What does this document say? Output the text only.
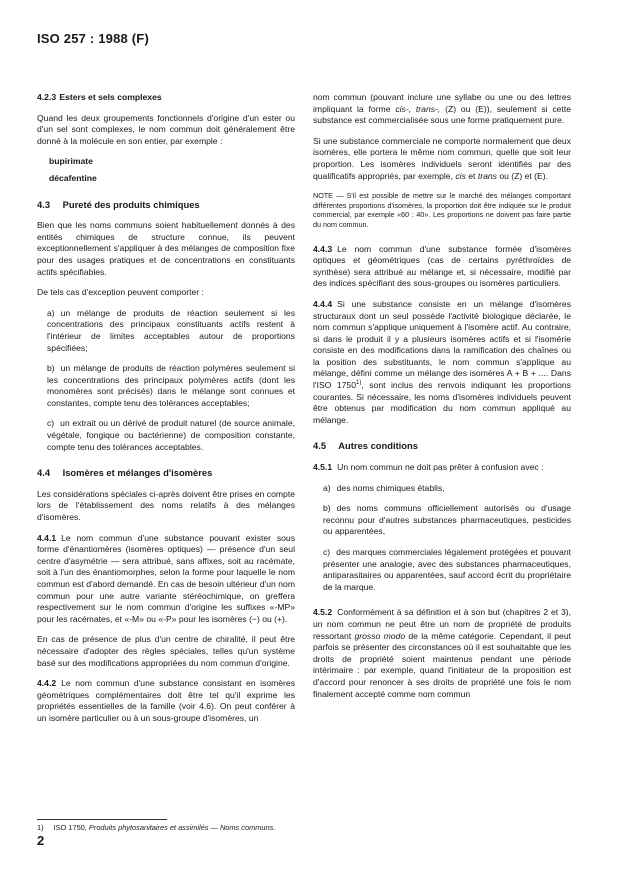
ISO 257 : 1988 (F)
4.2.3 Esters et sels complexes

Quand les deux groupements fonctionnels d'origine d'un ester ou d'un sel sont complexes, le nom commun doit généralement être donné à la molécule en son entier, par exemple :

bupirimate
décafentine
4.3 Pureté des produits chimiques

Bien que les noms communs soient habituellement donnés à des entités chimiques de structure connue, ils peuvent exceptionnellement s'appliquer à des mélanges de composition fixe pour des usages pratiques et de concentrations en constituants actifs spécifiables.

De tels cas d'exception peuvent comporter :

a) un mélange de produits de réaction seulement si les concentrations des principaux constituants actifs restent à l'intérieur de limites acceptables autour de proportions spécifiées;
b) un mélange de produits de réaction polymères seulement si les concentrations des principaux polymères actifs (dont les monomères sont précisés) dans le mélange sont connues et constantes, compte tenu des tolérances acceptables;
c) un extrait ou un dérivé de produit naturel (de source animale, végétale, fongique ou bactérienne) de composition constante, compte tenu des tolérances acceptables.
4.4 Isomères et mélanges d'isomères

Les considérations spéciales ci-après doivent être prises en compte lors de l'établissement des noms relatifs à des mélanges d'isomères.

4.4.1 Le nom commun d'une substance pouvant exister sous forme d'énantiomères (isomères optiques) — présence d'un seul centre d'asymétrie — sera attribué, sans affixes, soit au racémate, soit à l'un des énantiomorphes, selon la forme pour laquelle le nom commun est d'abord demandé. En cas de besoin ultérieur d'un nom commun pour une autre variante stéréochimique, on greffera respectivement sur le nom commun d'origine les suffixes «-MP» pour les racémates, et «-M» ou «-P» pour les isomères (−) ou (+).

En cas de présence de plus d'un centre de chiralité, il peut être nécessaire d'adopter des règles spéciales, telles qu'un système basé sur des modifications appropriées du nom commun d'origine.

4.4.2 Le nom commun d'une substance consistant en isomères géométriques complémentaires doit être tel qu'il exprime les propriétés essentielles de la famille (voir 4.6). On peut conférer à un isomère particulier ou à un sous-groupe d'isomères, un

nom commun (pouvant inclure une syllabe ou une ou des lettres impliquant la forme cis-, trans-, (Z) ou (E)), seulement si cette substance est commercialisée sous une forme pratiquement pure.

Si une substance commerciale ne comporte normalement que deux isomères, elle portera le même nom commun, quelle que soit leur proportion. Les isomères individuels seront identifiés par des qualificatifs appropriés, par exemple, cis et trans ou (Z) et (E).

NOTE — S'il est possible de mettre sur le marché des mélanges comportant différentes proportions d'isomères, la proportion doit être indiquée sur le produit commercial, par exemple «60 : 40». Les proportions ne doivent pas faire partie du nom commun.

4.4.3 Le nom commun d'une substance formée d'isomères optiques et géométriques (cas de certains pyréthroïdes de synthèse) sera attribué au mélange et, si nécessaire, modifié par des indices spécifiant des sous-groupes ou isomères particuliers.

4.4.4 Si une substance consiste en un mélange d'isomères structuraux dont un seul possède l'activité biologique déclarée, le nom commun s'applique uniquement à l'isomère actif. Au contraire, si dans le produit il y a plusieurs isomères actifs et si l'isomérie consiste en des modifications dans la ramification des chaînes ou la position des substituants, le nom commun s'applique au mélange, défini comme un mélange des isomères A + B + .... Dans l'ISO 1750$^{1)}$, sont inclus des renvois indiquant les proportions courantes. Si nécessaire, les noms d'isomères individuels peuvent être obtenus par modification du nom commun appliqué au mélange.

4.5 Autres conditions

4.5.1 Un nom commun ne doit pas prêter à confusion avec :

a) des noms chimiques établis,
b) des noms communs officiellement autorisés ou d'usage reconnu pour d'autres substances pharmaceutiques, pesticides ou apparentées,
c) des marques commerciales légalement protégées et pouvant présenter une analogie, avec des substances pharmaceutiques, antiparasitaires ou apparentées, sauf accord écrit du propriétaire de la marque.

4.5.2 Conformément à sa définition et à son but (chapitres 2 et 3), un nom commun ne peut être un nom de propriété de produits ressortant grosso modo de la même catégorie. Cependant, il peut parfois se présenter des circonstances où il est souhaitable que les droits de propriété soient maintenus pendant une période intérimaire : par exemple, quand l'initiateur de la proposition est d'accord pour renoncer à ses droits de propriété une fois le nom finalement accepté comme nom commun

1) ISO 1750, Produits phytosanitaires et assimilés — Noms communs.
2
